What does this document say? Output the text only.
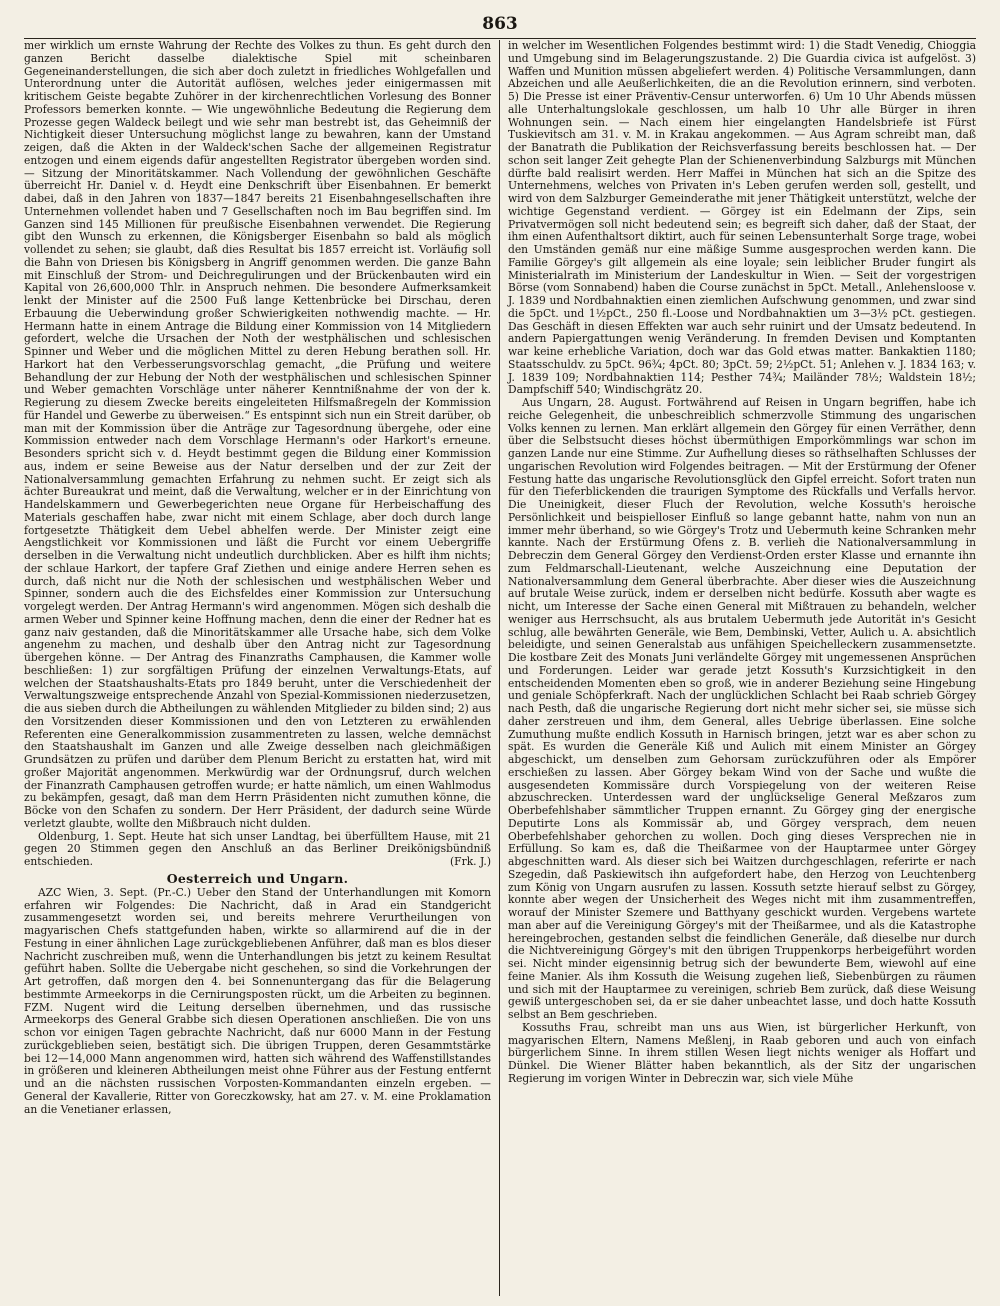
863

mer wirklich um ernste Wahrung der Rechte des Volkes zu thun. Es geht durch den ganzen Bericht dasselbe dialektische Spiel mit scheinbaren Gegeneinanderstellungen, die sich aber doch zuletzt in friedliches Wohlgefallen und Unterordnung unter die Autorität auflösen, welches jeder einigermassen mit kritischem Geiste begabte Zuhörer in der kirchenrechtlichen Vorlesung des Bonner Professors bemerken konnte. — Wie ungewöhnliche Bedeutung die Regierung dem Prozesse gegen Waldeck beilegt und wie sehr man bestrebt ist, das Geheimniß der Nichtigkeit dieser Untersuchung möglichst lange zu bewahren, kann der Umstand zeigen, daß die Akten in der Waldeck'schen Sache der allgemeinen Registratur entzogen und einem eigends dafür angestellten Registrator übergeben worden sind. — Sitzung der Minoritätskammer. Nach Vollendung der gewöhnlichen Geschäfte überreicht Hr. Daniel v. d. Heydt eine Denkschrift über Eisenbahnen. Er bemerkt dabei, daß in den Jahren von 1837—1847 bereits 21 Eisenbahngesellschaften ihre Unternehmen vollendet haben und 7 Gesellschaften noch im Bau begriffen sind. Im Ganzen sind 145 Millionen für preußische Eisenbahnen verwendet. Die Regierung gibt den Wunsch zu erkennen, die Königsberger Eisenbahn so bald als möglich vollendet zu sehen; sie glaubt, daß dies Resultat bis 1857 erreicht ist. Vorläufig soll die Bahn von Driesen bis Königsberg in Angriff genommen werden. Die ganze Bahn mit Einschluß der Strom- und Deichregulirungen und der Brückenbauten wird ein Kapital von 26,600,000 Thlr. in Anspruch nehmen. Die besondere Aufmerksamkeit lenkt der Minister auf die 2500 Fuß lange Kettenbrücke bei Dirschau, deren Erbauung die Ueberwindung großer Schwierigkeiten nothwendig machte. — Hr. Hermann hatte in einem Antrage die Bildung einer Kommission von 14 Mitgliedern gefordert, welche die Ursachen der Noth der westphälischen und schlesischen Spinner und Weber und die möglichen Mittel zu deren Hebung berathen soll. Hr. Harkort hat den Verbesserungsvorschlag gemacht, „die Prüfung und weitere Behandlung der zur Hebung der Noth der westphälischen und schlesischen Spinner und Weber gemachten Vorschläge unter näherer Kenntnißnahme der von der k. Regierung zu diesem Zwecke bereits eingeleiteten Hilfsmaßregeln der Kommission für Handel und Gewerbe zu überweisen.“ Es entspinnt sich nun ein Streit darüber, ob man mit der Kommission über die Anträge zur Tagesordnung übergehe, oder eine Kommission entweder nach dem Vorschlage Hermann's oder Harkort's erneune. Besonders spricht sich v. d. Heydt bestimmt gegen die Bildung einer Kommission aus, indem er seine Beweise aus der Natur derselben und der zur Zeit der Nationalversammlung gemachten Erfahrung zu nehmen sucht. Er zeigt sich als ächter Bureaukrat und meint, daß die Verwaltung, welcher er in der Einrichtung von Handelskammern und Gewerbegerichten neue Organe für Herbeischaffung des Materials geschaffen habe, zwar nicht mit einem Schlage, aber doch durch lange fortgesetzte Thätigkeit dem Uebel abhelfen werde. Der Minister zeigt eine Aengstlichkeit vor Kommissionen und läßt die Furcht vor einem Uebergriffe derselben in die Verwaltung nicht undeutlich durchblicken. Aber es hilft ihm nichts; der schlaue Harkort, der tapfere Graf Ziethen und einige andere Herren sehen es durch, daß nicht nur die Noth der schlesischen und westphälischen Weber und Spinner, sondern auch die des Eichsfeldes einer Kommission zur Untersuchung vorgelegt werden. Der Antrag Hermann's wird angenommen. Mögen sich deshalb die armen Weber und Spinner keine Hoffnung machen, denn die einer der Redner hat es ganz naiv gestanden, daß die Minoritätskammer alle Ursache habe, sich dem Volke angenehm zu machen, und deshalb über den Antrag nicht zur Tagesordnung übergehen könne. — Der Antrag des Finanzraths Camphausen, die Kammer wolle beschließen: 1) zur sorgfältigen Prüfung der einzelnen Verwaltungs-Etats, auf welchen der Staatshaushalts-Etats pro 1849 beruht, unter die Verschiedenheit der Verwaltungszweige entsprechende Anzahl von Spezial-Kommissionen niederzusetzen, die aus sieben durch die Abtheilungen zu wählenden Mitglieder zu bilden sind; 2) aus den Vorsitzenden dieser Kommissionen und den von Letzteren zu erwählenden Referenten eine Generalkommission zusammentreten zu lassen, welche demnächst den Staatshaushalt im Ganzen und alle Zweige desselben nach gleichmäßigen Grundsätzen zu prüfen und darüber dem Plenum Bericht zu erstatten hat, wird mit großer Majorität angenommen. Merkwürdig war der Ordnungsruf, durch welchen der Finanzrath Camphausen getroffen wurde; er hatte nämlich, um einen Wahlmodus zu bekämpfen, gesagt, daß man dem Herrn Präsidenten nicht zumuthen könne, die Böcke von den Schafen zu sondern. Der Herr Präsident, der dadurch seine Würde verletzt glaubte, wollte den Mißbrauch nicht dulden.

Oldenburg, 1. Sept. Heute hat sich unser Landtag, bei überfülltem Hause, mit 21 gegen 20 Stimmen gegen den Anschluß an das Berliner Dreikönigsbündniß entschieden.	(Frk. J.)

Oesterreich und Ungarn.

AZC Wien, 3. Sept. (Pr.-C.) Ueber den Stand der Unterhandlungen mit Komorn erfahren wir Folgendes: Die Nachricht, daß in Arad ein Standgericht zusammengesetzt worden sei, und bereits mehrere Verurtheilungen von magyarischen Chefs stattgefunden haben, wirkte so allarmirend auf die in der Festung in einer ähnlichen Lage zurückgebliebenen Anführer, daß man es blos dieser Nachricht zuschreiben muß, wenn die Unterhandlungen bis jetzt zu keinem Resultat geführt haben. Sollte die Uebergabe nicht geschehen, so sind die Vorkehrungen der Art getroffen, daß morgen den 4. bei Sonnenuntergang das für die Belagerung bestimmte Armeekorps in die Cernirungsposten rückt, um die Arbeiten zu beginnen. FZM. Nugent wird die Leitung derselben übernehmen, und das russische Armeekorps des General Grabbe sich diesen Operationen anschließen. Die von uns schon vor einigen Tagen gebrachte Nachricht, daß nur 6000 Mann in der Festung zurückgeblieben seien, bestätigt sich. Die übrigen Truppen, deren Gesammtstärke bei 12—14,000 Mann angenommen wird, hatten sich während des Waffenstillstandes in größeren und kleineren Abtheilungen meist ohne Führer aus der Festung entfernt und an die nächsten russischen Vorposten-Kommandanten einzeln ergeben. — General der Kavallerie, Ritter von Goreczkowsky, hat am 27. v. M. eine Proklamation an die Venetianer erlassen,

in welcher im Wesentlichen Folgendes bestimmt wird: 1) die Stadt Venedig, Chioggia und Umgebung sind im Belagerungszustande. 2) Die Guardia civica ist aufgelöst. 3) Waffen und Munition müssen abgeliefert werden. 4) Politische Versammlungen, dann Abzeichen und alle Aeußerlichkeiten, die an die Revolution erinnern, sind verboten. 5) Die Presse ist einer Präventiv-Censur unterworfen. 6) Um 10 Uhr Abends müssen alle Unterhaltungslokale geschlossen, um halb 10 Uhr alle Bürger in ihren Wohnungen sein. — Nach einem hier eingelangten Handelsbriefe ist Fürst Tuskievitsch am 31. v. M. in Krakau angekommen. — Aus Agram schreibt man, daß der Banatrath die Publikation der Reichsverfassung bereits beschlossen hat. — Der schon seit langer Zeit gehegte Plan der Schienenverbindung Salzburgs mit München dürfte bald realisirt werden. Herr Maffei in München hat sich an die Spitze des Unternehmens, welches von Privaten in's Leben gerufen werden soll, gestellt, und wird von dem Salzburger Gemeinderathe mit jener Thätigkeit unterstützt, welche der wichtige Gegenstand verdient. — Görgey ist ein Edelmann der Zips, sein Privatvermögen soll nicht bedeutend sein; es begreift sich daher, daß der Staat, der ihm einen Aufenthaltsort diktirt, auch für seinen Lebensunterhalt Sorge trage, wobei den Umständen gemäß nur eine mäßige Summe ausgesprochen werden kann. Die Familie Görgey's gilt allgemein als eine loyale; sein leiblicher Bruder fungirt als Ministerialrath im Ministerium der Landeskultur in Wien. — Seit der vorgestrigen Börse (vom Sonnabend) haben die Course zunächst in 5pCt. Metall., Anlehensloose v. J. 1839 und Nordbahnaktien einen ziemlichen Aufschwung genommen, und zwar sind die 5pCt. und 1½pCt., 250 fl.-Loose und Nordbahnaktien um 3—3½ pCt. gestiegen. Das Geschäft in diesen Effekten war auch sehr ruinirt und der Umsatz bedeutend. In andern Papiergattungen wenig Veränderung. In fremden Devisen und Komptanten war keine erhebliche Variation, doch war das Gold etwas matter. Bankaktien 1180; Staatsschuldv. zu 5pCt. 96¾; 4pCt. 80; 3pCt. 59; 2½pCt. 51; Anlehen v. J. 1834 163; v. J. 1839 109; Nordbahnaktien 114; Pesther 74¾; Mailänder 78½; Waldstein 18½; Dampfschiff 540; Windischgrätz 20.

Aus Ungarn, 28. August. Fortwährend auf Reisen in Ungarn begriffen, habe ich reiche Gelegenheit, die unbeschreiblich schmerzvolle Stimmung des ungarischen Volks kennen zu lernen. Man erklärt allgemein den Görgey für einen Verräther, denn über die Selbstsucht dieses höchst übermüthigen Emporkömmlings war schon im ganzen Lande nur eine Stimme. Zur Aufhellung dieses so räthselhaften Schlusses der ungarischen Revolution wird Folgendes beitragen. — Mit der Erstürmung der Ofener Festung hatte das ungarische Revolutionsglück den Gipfel erreicht. Sofort traten nun für den Tieferblickenden die traurigen Symptome des Rückfalls und Verfalls hervor. Die Uneinigkeit, dieser Fluch der Revolution, welche Kossuth's heroische Persönlichkeit und beispielloser Einfluß so lange gebannt hatte, nahm von nun an immer mehr überhand, so wie Görgey's Trotz und Uebermuth keine Schranken mehr kannte. Nach der Erstürmung Ofens z. B. verlieh die Nationalversammlung in Debreczin dem General Görgey den Verdienst-Orden erster Klasse und ernannte ihn zum Feldmarschall-Lieutenant, welche Auszeichnung eine Deputation der Nationalversammlung dem General überbrachte. Aber dieser wies die Auszeichnung auf brutale Weise zurück, indem er derselben nicht bedürfe. Kossuth aber wagte es nicht, um Interesse der Sache einen General mit Mißtrauen zu behandeln, welcher weniger aus Herrschsucht, als aus brutalem Uebermuth jede Autorität in's Gesicht schlug, alle bewährten Generäle, wie Bem, Dembinski, Vetter, Aulich u. A. absichtlich beleidigte, und seinen Generalstab aus unfähigen Speichelleckern zusammensetzte. Die kostbare Zeit des Monats Juni verländelte Görgey mit ungemessenen Ansprüchen und Forderungen. Leider war gerade jetzt Kossuth's Kurzsichtigkeit in den entscheidenden Momenten eben so groß, wie in anderer Beziehung seine Hingebung und geniale Schöpferkraft. Nach der unglücklichen Schlacht bei Raab schrieb Görgey nach Pesth, daß die ungarische Regierung dort nicht mehr sicher sei, sie müsse sich daher zerstreuen und ihm, dem General, alles Uebrige überlassen. Eine solche Zumuthung mußte endlich Kossuth in Harnisch bringen, jetzt war es aber schon zu spät. Es wurden die Generäle Kiß und Aulich mit einem Minister an Görgey abgeschickt, um denselben zum Gehorsam zurückzuführen oder als Empörer erschießen zu lassen. Aber Görgey bekam Wind von der Sache und wußte die ausgesendeten Kommissäre durch Vorspiegelung von der weiteren Reise abzuschrecken. Unterdessen ward der unglückselige General Meßzaros zum Oberbefehlshaber sämmtlicher Truppen ernannt. Zu Görgey ging der energische Deputirte Lons als Kommissär ab, und Görgey versprach, dem neuen Oberbefehlshaber gehorchen zu wollen. Doch ging dieses Versprechen nie in Erfüllung. So kam es, daß die Theißarmee von der Hauptarmee unter Görgey abgeschnitten ward. Als dieser sich bei Waitzen durchgeschlagen, referirte er nach Szegedin, daß Paskiewitsch ihn aufgefordert habe, den Herzog von Leuchtenberg zum König von Ungarn ausrufen zu lassen. Kossuth setzte hierauf selbst zu Görgey, konnte aber wegen der Unsicherheit des Weges nicht mit ihm zusammentreffen, worauf der Minister Szemere und Batthyany geschickt wurden. Vergebens wartete man aber auf die Vereinigung Görgey's mit der Theißarmee, und als die Katastrophe hereingebrochen, gestanden selbst die feindlichen Generäle, daß dieselbe nur durch die Nichtvereinigung Görgey's mit den übrigen Truppenkorps herbeigeführt worden sei. Nicht minder eigensinnig betrug sich der bewunderte Bem, wiewohl auf eine feine Manier. Als ihm Kossuth die Weisung zugehen ließ, Siebenbürgen zu räumen und sich mit der Hauptarmee zu vereinigen, schrieb Bem zurück, daß diese Weisung gewiß untergeschoben sei, da er sie daher unbeachtet lasse, und doch hatte Kossuth selbst an Bem geschrieben.

Kossuths Frau, schreibt man uns aus Wien, ist bürgerlicher Herkunft, von magyarischen Eltern, Namens Meßlenj, in Raab geboren und auch von einfach bürgerlichem Sinne. In ihrem stillen Wesen liegt nichts weniger als Hoffart und Dünkel. Die Wiener Blätter haben bekanntlich, als der Sitz der ungarischen Regierung im vorigen Winter in Debreczin war, sich viele Mühe
